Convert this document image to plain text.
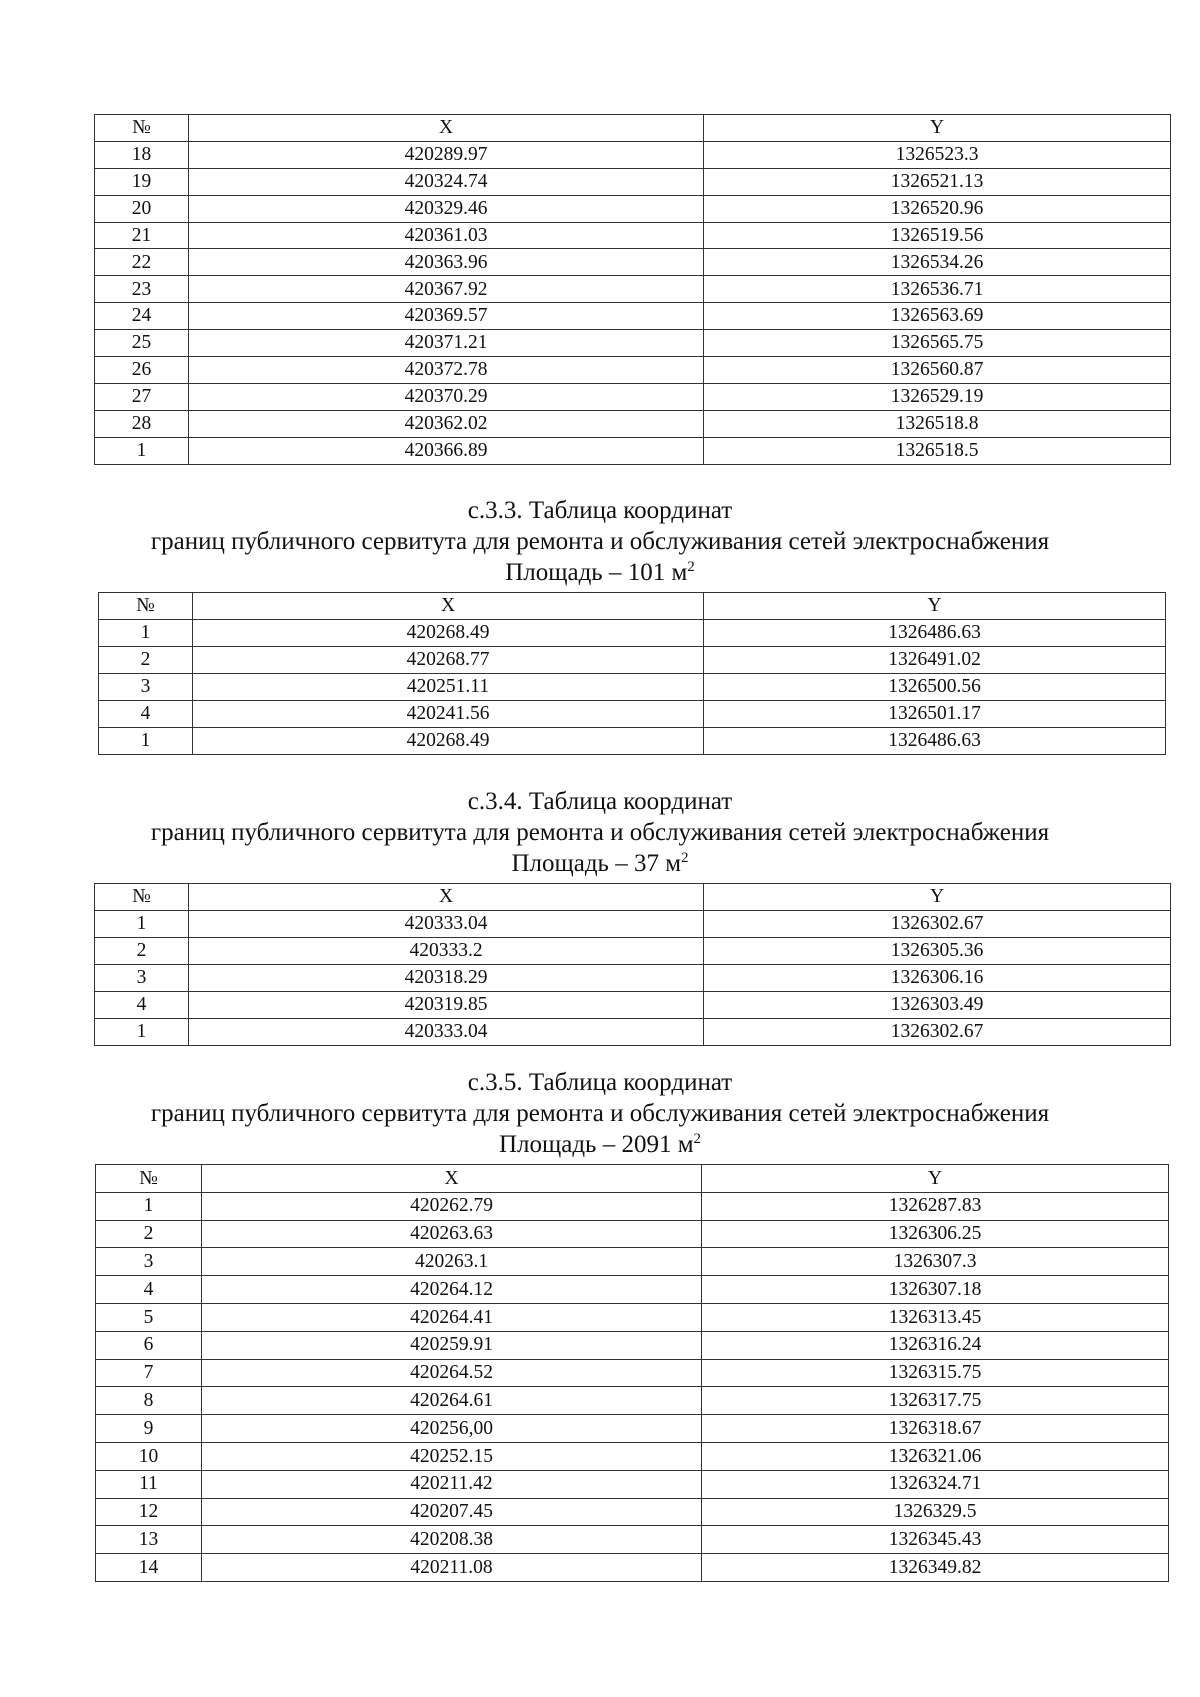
№	X	Y
18	420289.97	1326523.3
19	420324.74	1326521.13
20	420329.46	1326520.96
21	420361.03	1326519.56
22	420363.96	1326534.26
23	420367.92	1326536.71
24	420369.57	1326563.69
25	420371.21	1326565.75
26	420372.78	1326560.87
27	420370.29	1326529.19
28	420362.02	1326518.8
1	420366.89	1326518.5
с.3.3. Таблица координат
границ публичного сервитута для ремонта и обслуживания сетей электроснабжения
Площадь – 101 $м^2$
№	X	Y
1	420268.49	1326486.63
2	420268.77	1326491.02
3	420251.11	1326500.56
4	420241.56	1326501.17
1	420268.49	1326486.63
с.3.4. Таблица координат
границ публичного сервитута для ремонта и обслуживания сетей электроснабжения
Площадь – 37 $м^2$
№	X	Y
1	420333.04	1326302.67
2	420333.2	1326305.36
3	420318.29	1326306.16
4	420319.85	1326303.49
1	420333.04	1326302.67
с.3.5. Таблица координат
границ публичного сервитута для ремонта и обслуживания сетей электроснабжения
Площадь – 2091 $м^2$
№	X	Y
1	420262.79	1326287.83
2	420263.63	1326306.25
3	420263.1	1326307.3
4	420264.12	1326307.18
5	420264.41	1326313.45
6	420259.91	1326316.24
7	420264.52	1326315.75
8	420264.61	1326317.75
9	420256,00	1326318.67
10	420252.15	1326321.06
11	420211.42	1326324.71
12	420207.45	1326329.5
13	420208.38	1326345.43
14	420211.08	1326349.82
